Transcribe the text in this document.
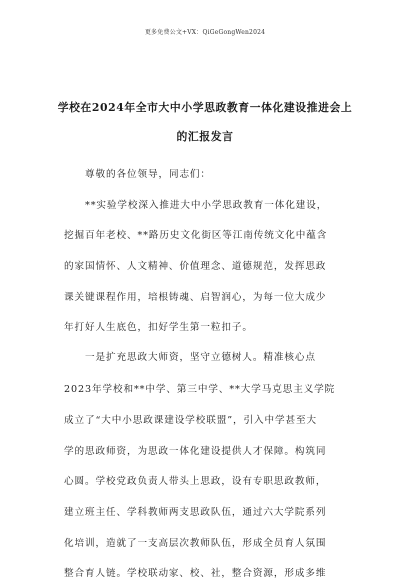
更多免费公文+VX：QiGeGongWen2024
学校在2024年全市大中小学思政教育一体化建设推进会上
的汇报发言
尊敬的各位领导，同志们：
**实验学校深入推进大中小学思政教育一体化建设，
挖掘百年老校、**路历史文化街区等江南传统文化中蕴含
的家国情怀、人文精神、价值理念、道德规范，发挥思政
课关键课程作用，培根铸魂、启智润心，为每一位大成少
年打好人生底色，扣好学生第一粒扣子。
一是扩充思政大师资，坚守立德树人。精准核心点
2023年学校和**中学、第三中学、**大学马克思主义学院
成立了“大中小思政课建设学校联盟”，引入中学甚至大
学的思政师资，为思政一体化建设提供人才保障。构筑同
心圆。学校党政负责人带头上思政，设有专职思政教师，
建立班主任、学科教师两支思政队伍，通过六大学院系列
化培训，造就了一支高层次教师队伍，形成全员育人氛围
整合育人链。学校联动家、校、社，整合资源，形成多维
